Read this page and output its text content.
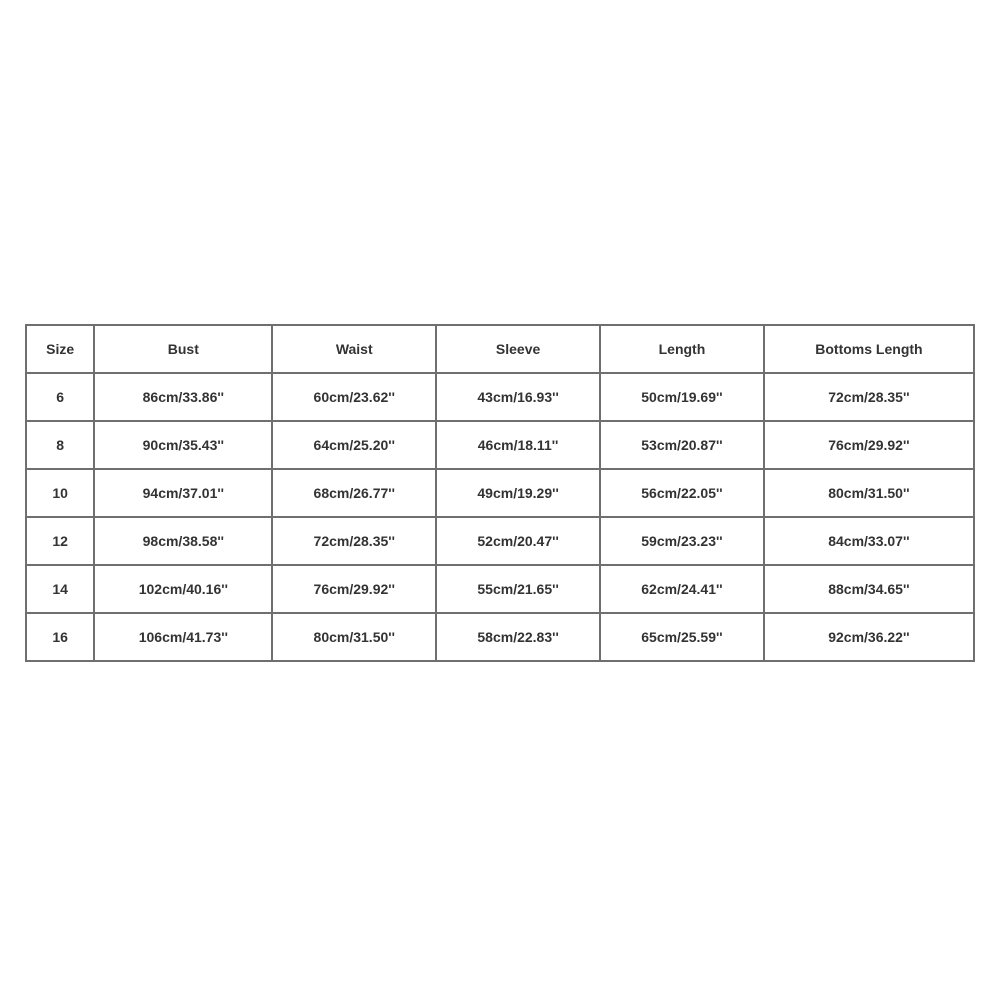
Size	Bust	Waist	Sleeve	Length	Bottoms Length
6	86cm/33.86''	60cm/23.62''	43cm/16.93''	50cm/19.69''	72cm/28.35''
8	90cm/35.43''	64cm/25.20''	46cm/18.11''	53cm/20.87''	76cm/29.92''
10	94cm/37.01''	68cm/26.77''	49cm/19.29''	56cm/22.05''	80cm/31.50''
12	98cm/38.58''	72cm/28.35''	52cm/20.47''	59cm/23.23''	84cm/33.07''
14	102cm/40.16''	76cm/29.92''	55cm/21.65''	62cm/24.41''	88cm/34.65''
16	106cm/41.73''	80cm/31.50''	58cm/22.83''	65cm/25.59''	92cm/36.22''
